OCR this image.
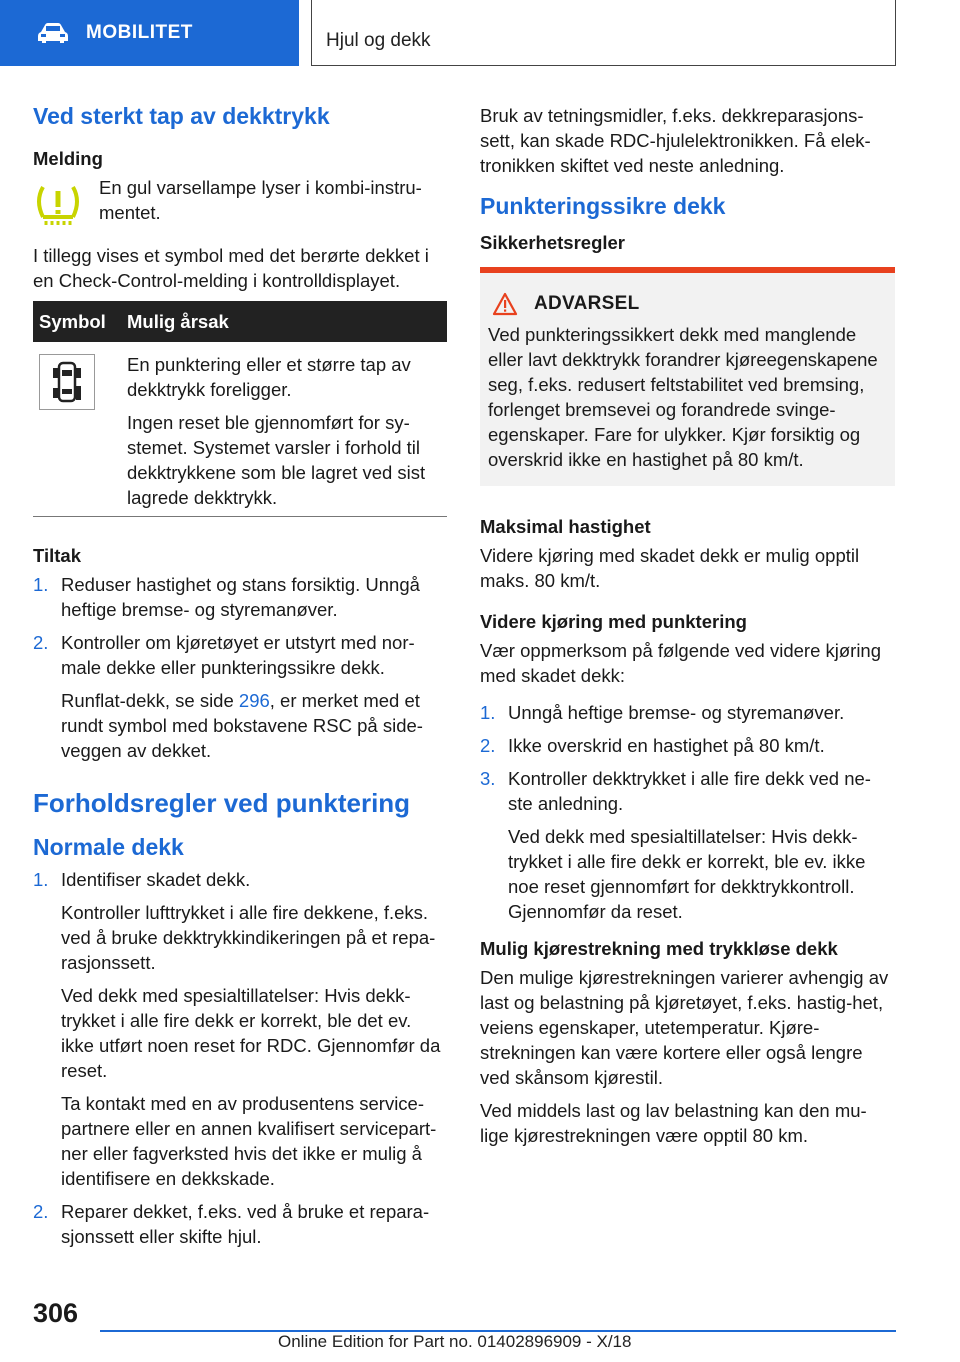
MOBILITET	Hjul og dekk
Ved sterkt tap av dekktrykk
Melding
En gul varsellampe lyser i kombi-instru-mentet.

I tillegg vises et symbol med det berørte dekket i en Check-Control-melding i kontrolldisplayet.

Symbol	Mulig årsak

En punktering eller et større tap av dekktrykk foreligger.

Ingen reset ble gjennomført for sy-stemet. Systemet varsler i forhold til dekktrykkene som ble lagret ved sist lagrede dekktrykk.

Tiltak
1. Reduser hastighet og stans forsiktig. Unngå heftige bremse- og styremanøver.
2. Kontroller om kjøretøyet er utstyrt med nor-male dekke eller punkteringssikre dekk.

Runflat-dekk, se side 296, er merket med et rundt symbol med bokstavene RSC på side-veggen av dekket.

Forholdsregler ved punktering
Normale dekk
1. Identifiser skadet dekk.

Kontroller lufttrykket i alle fire dekkene, f.eks. ved å bruke dekktrykkindikeringen på et repa-rasjonssett.

Ved dekk med spesialtillatelser: Hvis dekk-trykket i alle fire dekk er korrekt, ble det ev. ikke utført noen reset for RDC. Gjennomfør da reset.

Ta kontakt med en av produsentens service-partnere eller en annen kvalifisert servicepart-ner eller fagverksted hvis det ikke er mulig å identifisere en dekkskade.

2. Reparer dekket, f.eks. ved å bruke et repara-sjonssett eller skifte hjul.

Bruk av tetningsmidler, f.eks. dekkreparasjons-sett, kan skade RDC-hjulelektronikken. Få elek-tronikken skiftet ved neste anledning.

Punkteringssikre dekk
Sikkerhetsregler
ADVARSEL
Ved punkteringssikkert dekk med manglende eller lavt dekktrykk forandrer kjøreegenskapene seg, f.eks. redusert feltstabilitet ved bremsing, forlenget bremsevei og forandrede svinge-egenskaper. Fare for ulykker. Kjør forsiktig og overskrid ikke en hastighet på 80 km/t.
Maksimal hastighet

Videre kjøring med skadet dekk er mulig opptil maks. 80 km/t.

Videre kjøring med punktering

Vær oppmerksom på følgende ved videre kjøring med skadet dekk:

1. Unngå heftige bremse- og styremanøver.
2. Ikke overskrid en hastighet på 80 km/t.
3. Kontroller dekktrykket i alle fire dekk ved ne-ste anledning.

Ved dekk med spesialtillatelser: Hvis dekk-trykket i alle fire dekk er korrekt, ble ev. ikke noe reset gjennomført for dekktrykkontroll. Gjennomfør da reset.

Mulig kjørestrekning med trykkløse dekk

Den mulige kjørestrekningen varierer avhengig av last og belastning på kjøretøyet, f.eks. hastig-het, veiens egenskaper, utetemperatur. Kjøre-strekningen kan være kortere eller også lengre ved skånsom kjørestil.

Ved middels last og lav belastning kan den mu-lige kjørestrekningen være opptil 80 km.

306
Online Edition for Part no. 01402896909 - X/18
